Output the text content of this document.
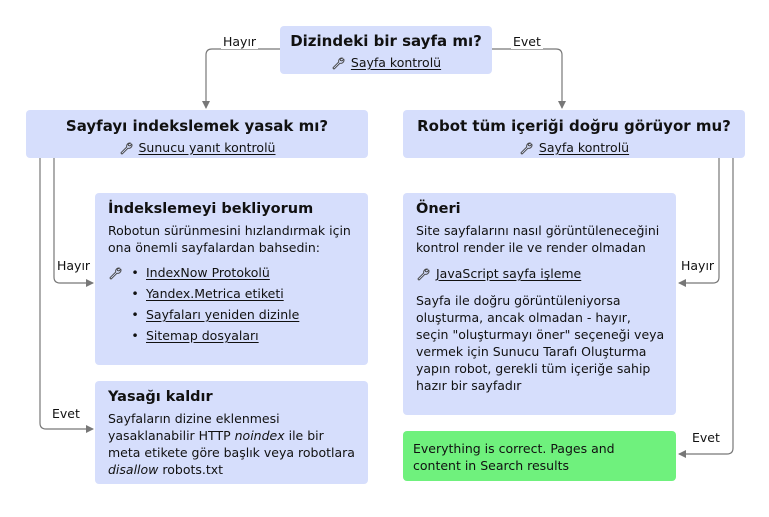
Hayır	Evet
Hayır
Evet
Hayır
Evet
Dizindeki bir sayfa mı?
Sayfa kontrolü
Sayfayı indekslemek yasak mı?
Sunucu yanıt kontrolü
Robot tüm içeriği doğru görüyor mu?
Sayfa kontrolü
İndekslemeyi bekliyorum
Robotun sürünmesini hızlandırmak için ona önemli sayfalardan bahsedin:
• IndexNow Protokolü
• Yandex.Metrica etiketi
• Sayfaları yeniden dizinle
• Sitemap dosyaları
Yasağı kaldır
Sayfaların dizine eklenmesi yasaklanabilir HTTP noindex ile bir meta etikete göre başlık veya robotlara disallow robots.txt
Öneri
Site sayfalarını nasıl görüntüleneceğini kontrol render ile ve render olmadan
JavaScript sayfa işleme
Sayfa ile doğru görüntüleniyorsa oluşturma, ancak olmadan - hayır, seçin "oluşturmayı öner" seçeneği veya vermek için Sunucu Tarafı Oluşturma yapın robot, gerekli tüm içeriğe sahip hazır bir sayfadır
Everything is correct. Pages and content in Search results
